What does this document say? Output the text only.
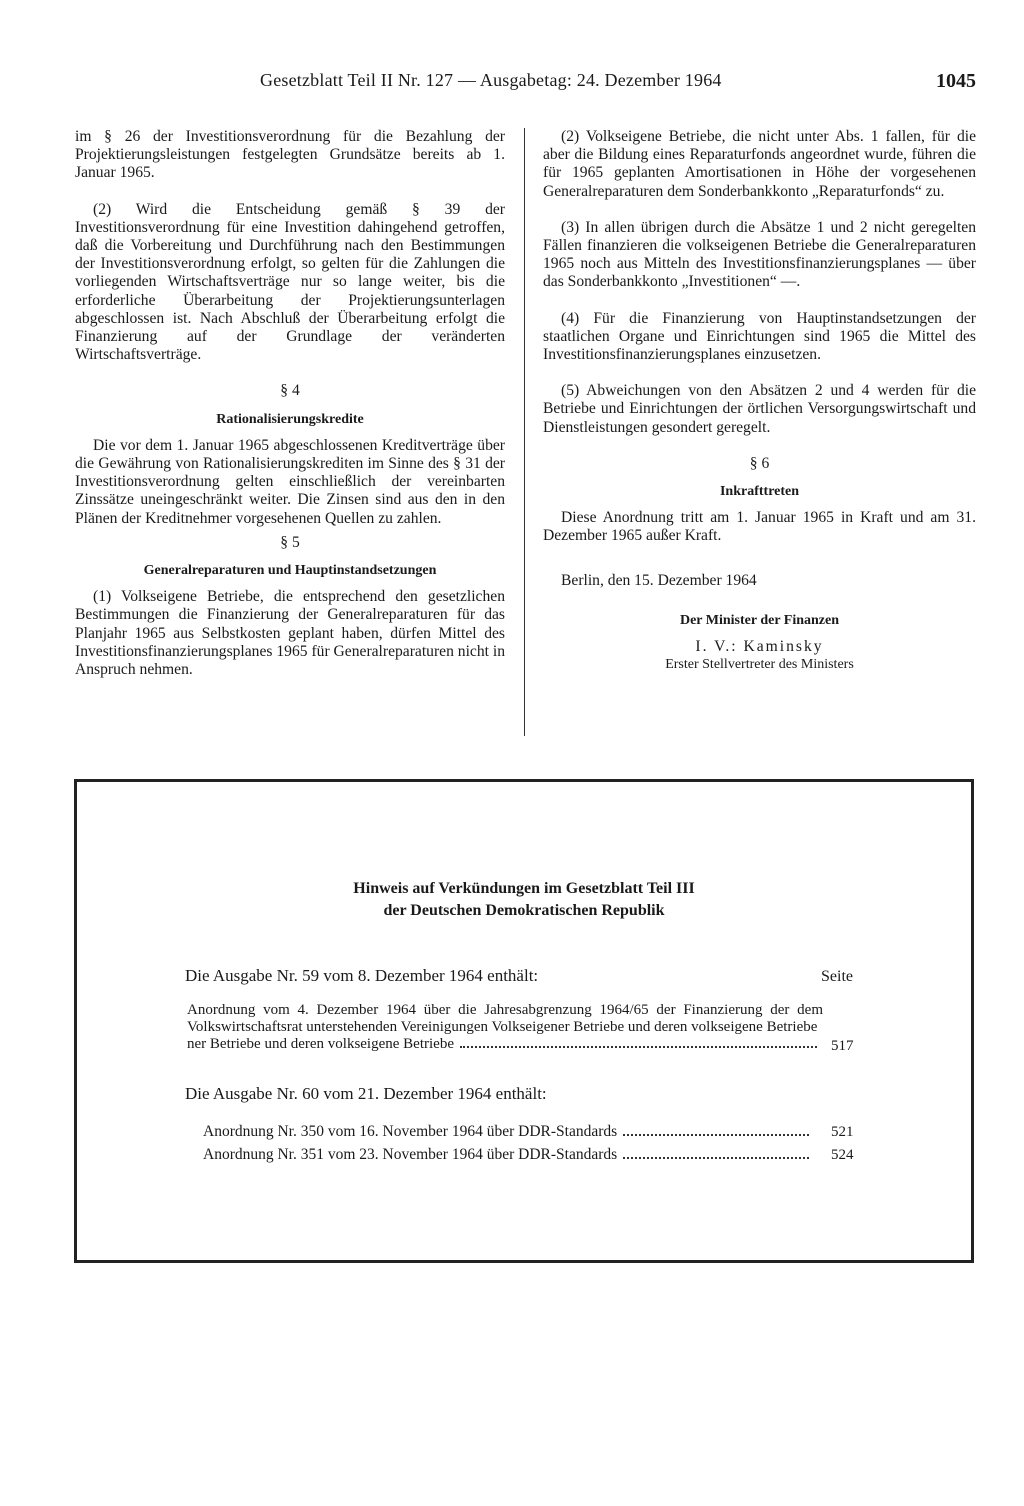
Gesetzblatt Teil II Nr. 127 — Ausgabetag: 24. Dezember 1964	1045

im § 26 der Investitionsverordnung für die Bezahlung der Projektierungsleistungen festgelegten Grundsätze bereits ab 1. Januar 1965.

(2) Wird die Entscheidung gemäß § 39 der Investitionsverordnung für eine Investition dahingehend getroffen, daß die Vorbereitung und Durchführung nach den Bestimmungen der Investitionsverordnung erfolgt, so gelten für die Zahlungen die vorliegenden Wirtschaftsverträge nur so lange weiter, bis die erforderliche Überarbeitung der Projektierungsunterlagen abgeschlossen ist. Nach Abschluß der Überarbeitung erfolgt die Finanzierung auf der Grundlage der veränderten Wirtschaftsverträge.

§ 4
Rationalisierungskredite

Die vor dem 1. Januar 1965 abgeschlossenen Kreditverträge über die Gewährung von Rationalisierungskrediten im Sinne des § 31 der Investitionsverordnung gelten einschließlich der vereinbarten Zinssätze uneingeschränkt weiter. Die Zinsen sind aus den in den Plänen der Kreditnehmer vorgesehenen Quellen zu zahlen.

§ 5
Generalreparaturen und Hauptinstandsetzungen

(1) Volkseigene Betriebe, die entsprechend den gesetzlichen Bestimmungen die Finanzierung der Generalreparaturen für das Planjahr 1965 aus Selbstkosten geplant haben, dürfen Mittel des Investitionsfinanzierungsplanes 1965 für Generalreparaturen nicht in Anspruch nehmen.

(2) Volkseigene Betriebe, die nicht unter Abs. 1 fallen, für die aber die Bildung eines Reparaturfonds angeordnet wurde, führen die für 1965 geplanten Amortisationen in Höhe der vorgesehenen Generalreparaturen dem Sonderbankkonto „Reparaturfonds“ zu.

(3) In allen übrigen durch die Absätze 1 und 2 nicht geregelten Fällen finanzieren die volkseigenen Betriebe die Generalreparaturen 1965 noch aus Mitteln des Investitionsfinanzierungsplanes — über das Sonderbankkonto „Investitionen“ —.

(4) Für die Finanzierung von Hauptinstandsetzungen der staatlichen Organe und Einrichtungen sind 1965 die Mittel des Investitionsfinanzierungsplanes einzusetzen.

(5) Abweichungen von den Absätzen 2 und 4 werden für die Betriebe und Einrichtungen der örtlichen Versorgungswirtschaft und Dienstleistungen gesondert geregelt.

§ 6
Inkrafttreten

Diese Anordnung tritt am 1. Januar 1965 in Kraft und am 31. Dezember 1965 außer Kraft.

Berlin, den 15. Dezember 1964
Der Minister der Finanzen
I. V.: Kaminsky
Erster Stellvertreter des Ministers
Hinweis auf Verkündungen im Gesetzblatt Teil III
der Deutschen Demokratischen Republik
Die Ausgabe Nr. 59 vom 8. Dezember 1964 enthält:	Seite
Anordnung vom 4. Dezember 1964 über die Jahresabgrenzung 1964/65 der Finanzierung der dem Volkswirtschaftsrat unterstehenden Vereinigungen Volkseigener Betriebe und deren volkseigene Betriebe
ner Betriebe und deren volkseigene Betriebe	517
Die Ausgabe Nr. 60 vom 21. Dezember 1964 enthält:
Anordnung Nr. 350 vom 16. November 1964 über DDR-Standards	521
Anordnung Nr. 351 vom 23. November 1964 über DDR-Standards	524
